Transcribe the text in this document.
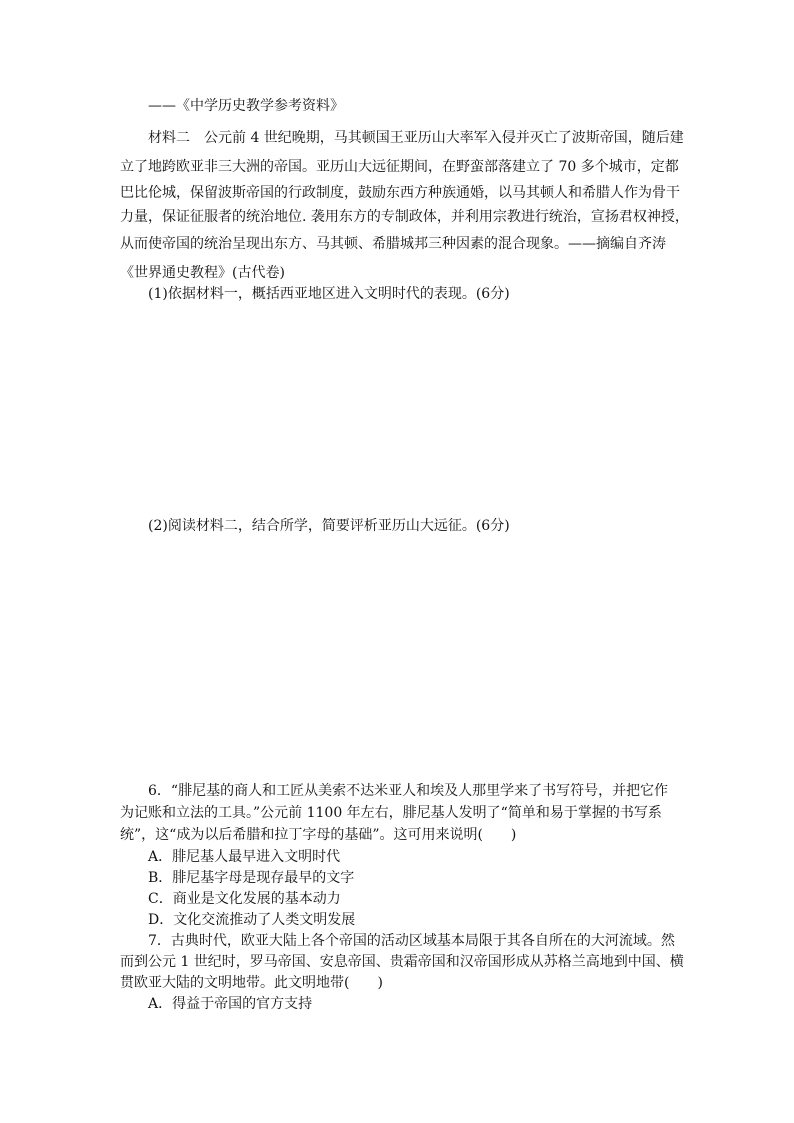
——《中学历史教学参考资料》
材料二　公元前 4 世纪晚期，马其顿国王亚历山大率军入侵并灭亡了波斯帝国，随后建
立了地跨欧亚非三大洲的帝国。亚历山大远征期间，在野蛮部落建立了 70 多个城市，定都
巴比伦城，保留波斯帝国的行政制度，鼓励东西方种族通婚，以马其顿人和希腊人作为骨干
力量，保证征服者的统治地位. 袭用东方的专制政体，并利用宗教进行统治，宣扬君权神授，
从而使帝国的统治呈现出东方、马其顿、希腊城邦三种因素的混合现象。——摘编自齐涛
《世界通史教程》(古代卷)
(1)依据材料一，概括西亚地区进入文明时代的表现。(6分)
(2)阅读材料二，结合所学，简要评析亚历山大远征。(6分)
6．“腓尼基的商人和工匠从美索不达米亚人和埃及人那里学来了书写符号，并把它作
为记账和立法的工具。”公元前 1100 年左右，腓尼基人发明了“简单和易于掌握的书写系
统”，这“成为以后希腊和拉丁字母的基础”。这可用来说明(　　)
A．腓尼基人最早进入文明时代
B．腓尼基字母是现存最早的文字
C．商业是文化发展的基本动力
D．文化交流推动了人类文明发展
7．古典时代，欧亚大陆上各个帝国的活动区域基本局限于其各自所在的大河流域。然
而到公元 1 世纪时，罗马帝国、安息帝国、贵霜帝国和汉帝国形成从苏格兰高地到中国、横
贯欧亚大陆的文明地带。此文明地带(　　)
A．得益于帝国的官方支持
